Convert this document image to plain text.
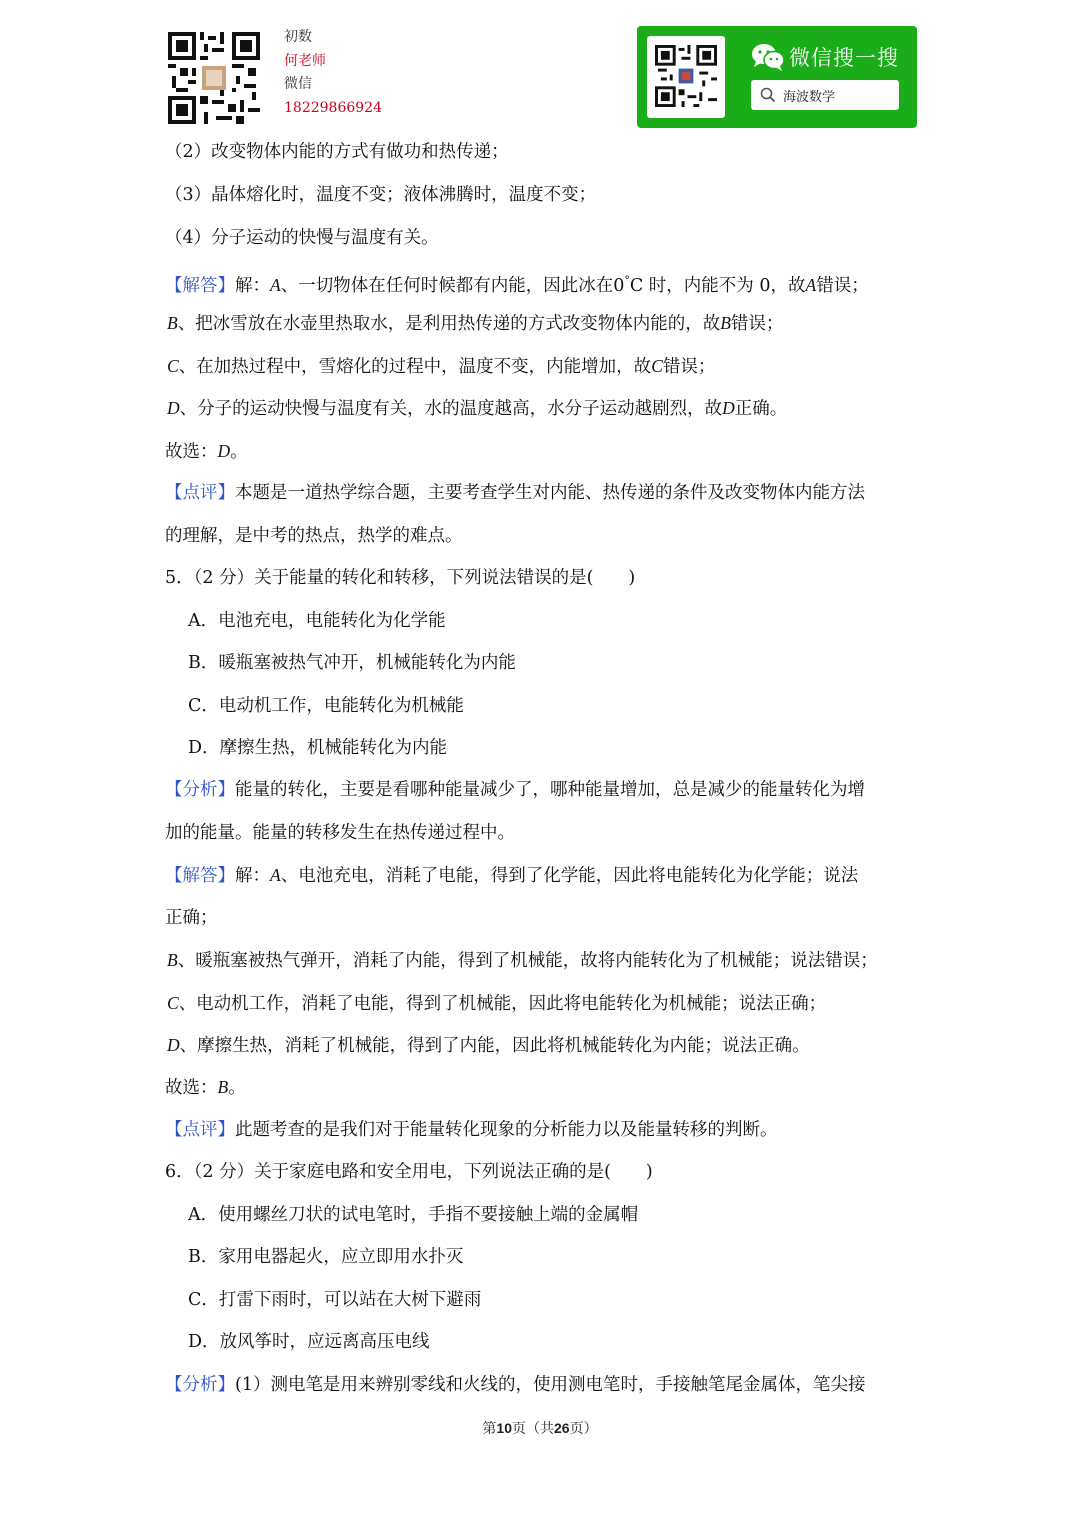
初数
何老师
微信
18229866924
微信搜一搜
海波数学
（2）改变物体内能的方式有做功和热传递；
（3）晶体熔化时，温度不变；液体沸腾时，温度不变；
（4）分子运动的快慢与温度有关。
【解答】解：A、一切物体在任何时候都有内能，因此冰在0°C 时，内能不为 0，故A错误；
B、把冰雪放在水壶里热取水，是利用热传递的方式改变物体内能的，故B错误；
C、在加热过程中，雪熔化的过程中，温度不变，内能增加，故C错误；
D、分子的运动快慢与温度有关，水的温度越高，水分子运动越剧烈，故D正确。
故选：D。
【点评】本题是一道热学综合题，主要考查学生对内能、热传递的条件及改变物体内能方法
的理解，是中考的热点，热学的难点。
5．（2 分）关于能量的转化和转移，下列说法错误的是(　　)
A．电池充电，电能转化为化学能
B．暖瓶塞被热气冲开，机械能转化为内能
C．电动机工作，电能转化为机械能
D．摩擦生热，机械能转化为内能
【分析】能量的转化，主要是看哪种能量减少了，哪种能量增加，总是减少的能量转化为增
加的能量。能量的转移发生在热传递过程中。
【解答】解：A、电池充电，消耗了电能，得到了化学能，因此将电能转化为化学能；说法
正确；
B、暖瓶塞被热气弹开，消耗了内能，得到了机械能，故将内能转化为了机械能；说法错误；
C、电动机工作，消耗了电能，得到了机械能，因此将电能转化为机械能；说法正确；
D、摩擦生热，消耗了机械能，得到了内能，因此将机械能转化为内能；说法正确。
故选：B。
【点评】此题考查的是我们对于能量转化现象的分析能力以及能量转移的判断。
6．（2 分）关于家庭电路和安全用电，下列说法正确的是(　　)
A．使用螺丝刀状的试电笔时，手指不要接触上端的金属帽
B．家用电器起火，应立即用水扑灭
C．打雷下雨时，可以站在大树下避雨
D．放风筝时，应远离高压电线
【分析】(1）测电笔是用来辨别零线和火线的，使用测电笔时，手接触笔尾金属体，笔尖接
第10页（共26页）
